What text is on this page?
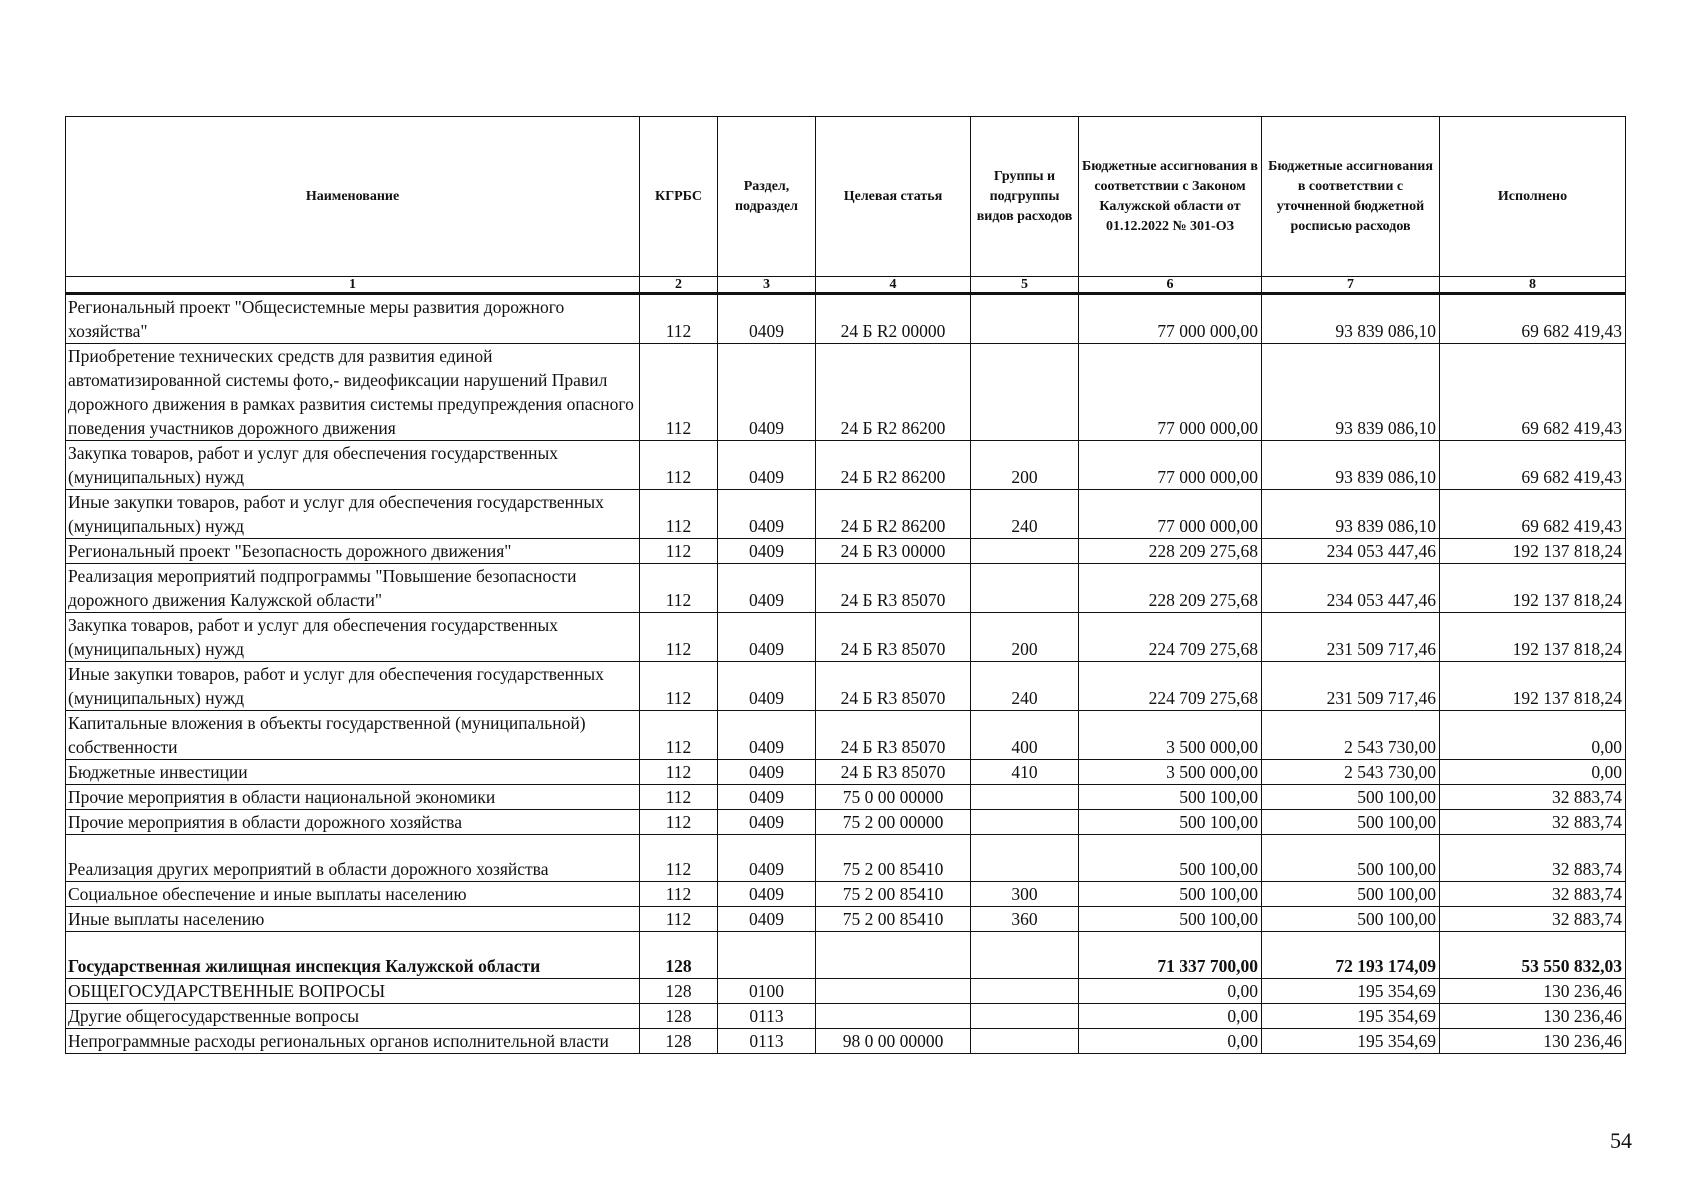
Наименование	КГРБС	Раздел, подраздел	Целевая статья	Группы и подгруппы видов расходов	Бюджетные ассигнования в соответствии с Законом Калужской области от 01.12.2022 № 301-ОЗ	Бюджетные ассигнования в соответствии с уточненной бюджетной росписью расходов	Исполнено
1	2	3	4	5	6	7	8
Региональный проект "Общесистемные меры развития дорожного хозяйства"	112	0409	24 Б R2 00000		77 000 000,00	93 839 086,10	69 682 419,43
Приобретение технических средств для развития единой автоматизированной системы фото,- видеофиксации нарушений Правил дорожного движения в рамках развития системы предупреждения опасного поведения участников дорожного движения	112	0409	24 Б R2 86200		77 000 000,00	93 839 086,10	69 682 419,43
Закупка товаров, работ и услуг для обеспечения государственных (муниципальных) нужд	112	0409	24 Б R2 86200	200	77 000 000,00	93 839 086,10	69 682 419,43
Иные закупки товаров, работ и услуг для обеспечения государственных (муниципальных) нужд	112	0409	24 Б R2 86200	240	77 000 000,00	93 839 086,10	69 682 419,43
Региональный проект "Безопасность дорожного движения"	112	0409	24 Б R3 00000		228 209 275,68	234 053 447,46	192 137 818,24
Реализация мероприятий подпрограммы "Повышение безопасности дорожного движения Калужской области"	112	0409	24 Б R3 85070		228 209 275,68	234 053 447,46	192 137 818,24
Закупка товаров, работ и услуг для обеспечения государственных (муниципальных) нужд	112	0409	24 Б R3 85070	200	224 709 275,68	231 509 717,46	192 137 818,24
Иные закупки товаров, работ и услуг для обеспечения государственных (муниципальных) нужд	112	0409	24 Б R3 85070	240	224 709 275,68	231 509 717,46	192 137 818,24
Капитальные вложения в объекты государственной (муниципальной) собственности	112	0409	24 Б R3 85070	400	3 500 000,00	2 543 730,00	0,00
Бюджетные инвестиции	112	0409	24 Б R3 85070	410	3 500 000,00	2 543 730,00	0,00
Прочие мероприятия в области национальной экономики	112	0409	75 0 00 00000		500 100,00	500 100,00	32 883,74
Прочие мероприятия в области дорожного хозяйства	112	0409	75 2 00 00000		500 100,00	500 100,00	32 883,74
Реализация других мероприятий в области дорожного хозяйства	112	0409	75 2 00 85410		500 100,00	500 100,00	32 883,74
Социальное обеспечение и иные выплаты населению	112	0409	75 2 00 85410	300	500 100,00	500 100,00	32 883,74
Иные выплаты населению	112	0409	75 2 00 85410	360	500 100,00	500 100,00	32 883,74
Государственная жилищная инспекция Калужской области	128				71 337 700,00	72 193 174,09	53 550 832,03
ОБЩЕГОСУДАРСТВЕННЫЕ ВОПРОСЫ	128	0100			0,00	195 354,69	130 236,46
Другие общегосударственные вопросы	128	0113			0,00	195 354,69	130 236,46
Непрограммные расходы региональных органов исполнительной власти	128	0113	98 0 00 00000		0,00	195 354,69	130 236,46
54
